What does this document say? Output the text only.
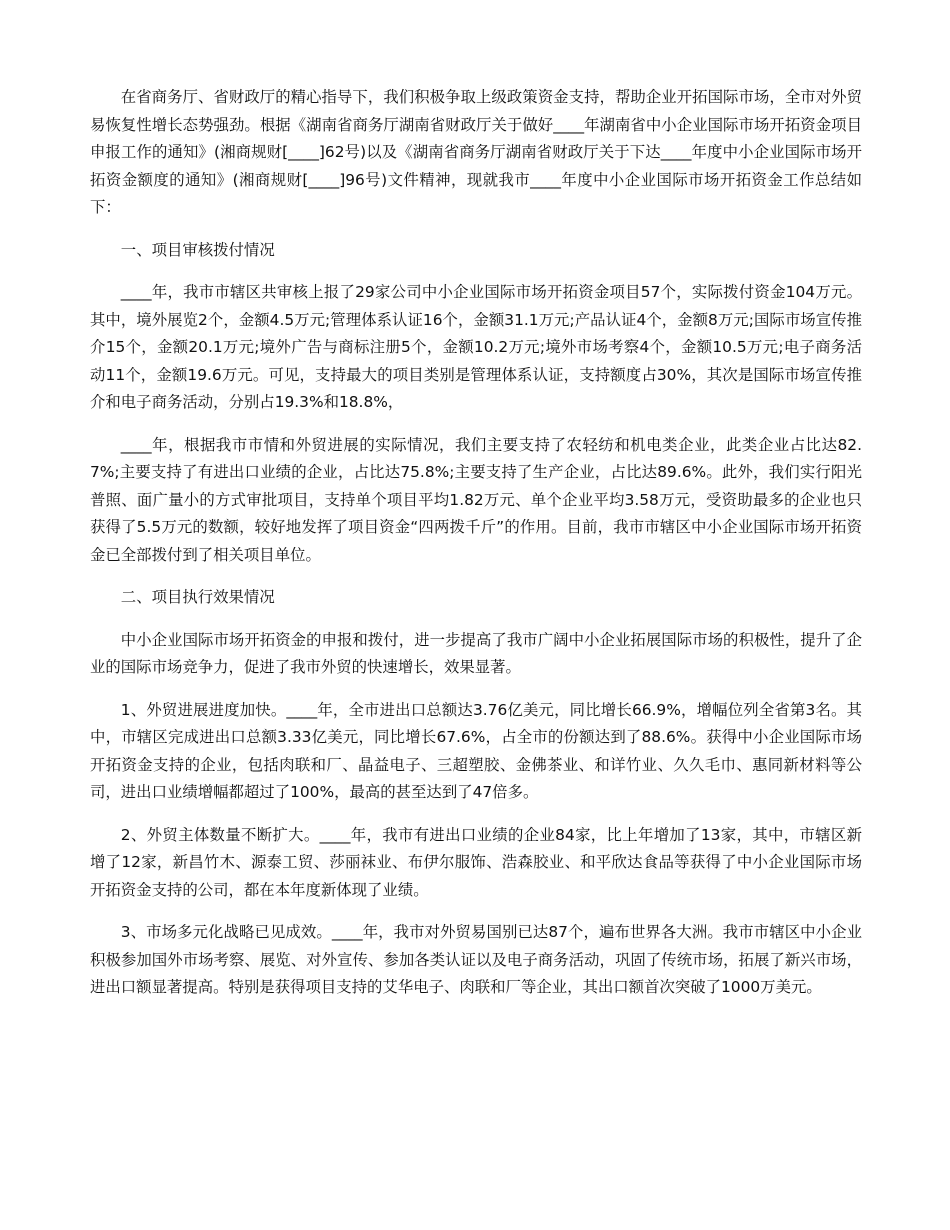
在省商务厅、省财政厅的精心指导下，我们积极争取上级政策资金支持，帮助企业开拓国际市场，全市对外贸易恢复性增长态势强劲。根据《湖南省商务厅湖南省财政厅关于做好____年湖南省中小企业国际市场开拓资金项目申报工作的通知》(湘商规财[____]62号)以及《湖南省商务厅湖南省财政厅关于下达____年度中小企业国际市场开拓资金额度的通知》(湘商规财[____]96号)文件精神，现就我市____年度中小企业国际市场开拓资金工作总结如下：

一、项目审核拨付情况

____年，我市市辖区共审核上报了29家公司中小企业国际市场开拓资金项目57个，实际拨付资金104万元。其中，境外展览2个，金额4.5万元;管理体系认证16个，金额31.1万元;产品认证4个，金额8万元;国际市场宣传推介15个，金额20.1万元;境外广告与商标注册5个，金额10.2万元;境外市场考察4个，金额10.5万元;电子商务活动11个，金额19.6万元。可见，支持最大的项目类别是管理体系认证，支持额度占30%，其次是国际市场宣传推介和电子商务活动，分别占19.3%和18.8%，

____年，根据我市市情和外贸进展的实际情况，我们主要支持了农轻纺和机电类企业，此类企业占比达82.7%;主要支持了有进出口业绩的企业，占比达75.8%;主要支持了生产企业，占比达89.6%。此外，我们实行阳光普照、面广量小的方式审批项目，支持单个项目平均1.82万元、单个企业平均3.58万元，受资助最多的企业也只获得了5.5万元的数额，较好地发挥了项目资金“四两拨千斤”的作用。目前，我市市辖区中小企业国际市场开拓资金已全部拨付到了相关项目单位。

二、项目执行效果情况

中小企业国际市场开拓资金的申报和拨付，进一步提高了我市广阔中小企业拓展国际市场的积极性，提升了企业的国际市场竞争力，促进了我市外贸的快速增长，效果显著。

1、外贸进展进度加快。____年，全市进出口总额达3.76亿美元，同比增长66.9%，增幅位列全省第3名。其中，市辖区完成进出口总额3.33亿美元，同比增长67.6%，占全市的份额达到了88.6%。获得中小企业国际市场开拓资金支持的企业，包括肉联和厂、晶益电子、三超塑胶、金佛茶业、和详竹业、久久毛巾、惠同新材料等公司，进出口业绩增幅都超过了100%，最高的甚至达到了47倍多。

2、外贸主体数量不断扩大。____年，我市有进出口业绩的企业84家，比上年增加了13家，其中，市辖区新增了12家，新昌竹木、源泰工贸、莎丽袜业、布伊尔服饰、浩森胶业、和平欣达食品等获得了中小企业国际市场开拓资金支持的公司，都在本年度新体现了业绩。

3、市场多元化战略已见成效。____年，我市对外贸易国别已达87个，遍布世界各大洲。我市市辖区中小企业积极参加国外市场考察、展览、对外宣传、参加各类认证以及电子商务活动，巩固了传统市场，拓展了新兴市场，进出口额显著提高。特别是获得项目支持的艾华电子、肉联和厂等企业，其出口额首次突破了1000万美元。
